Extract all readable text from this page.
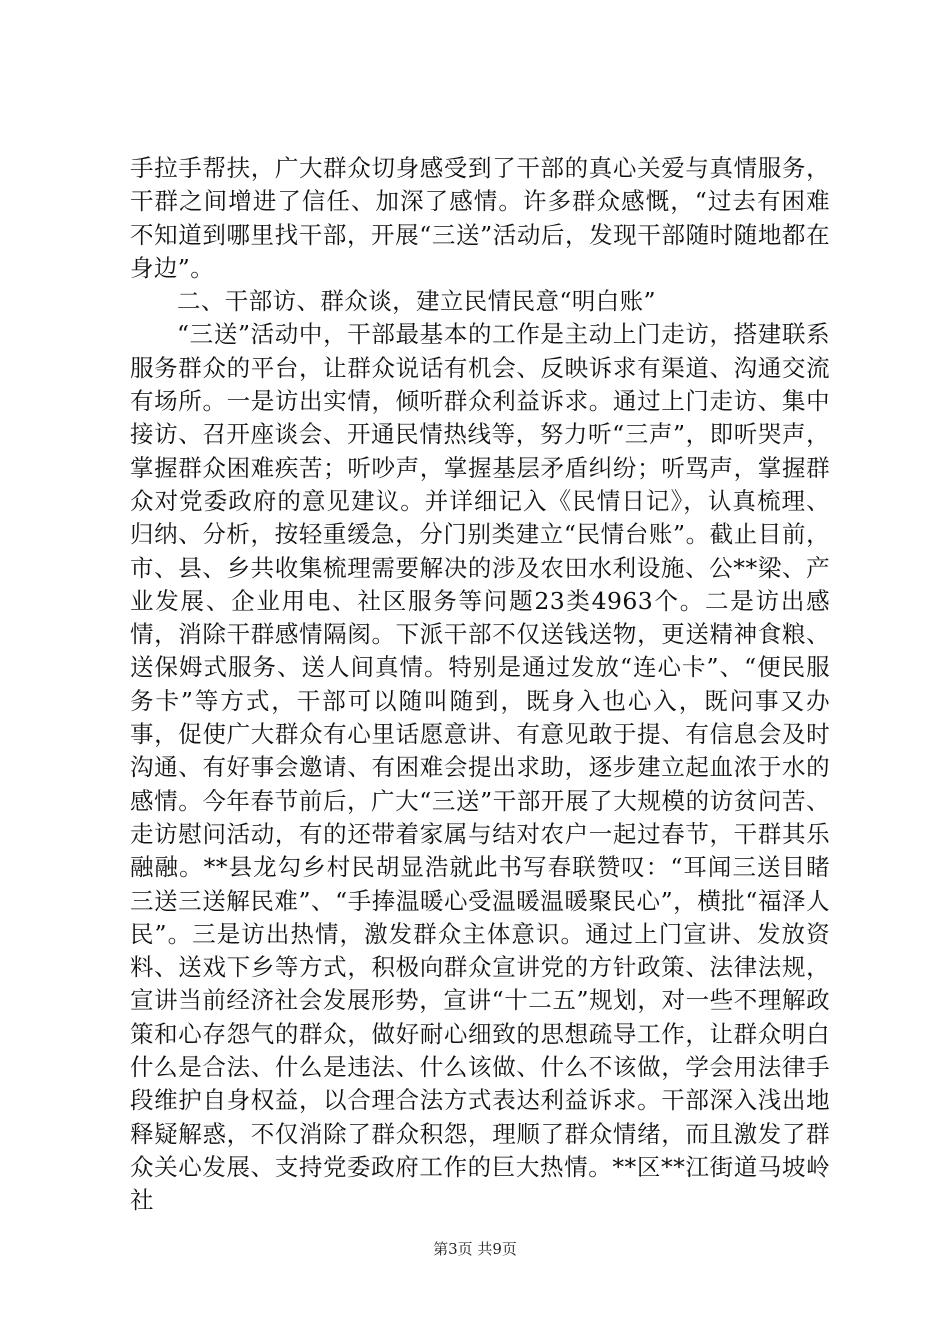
手拉手帮扶，广大群众切身感受到了干部的真心关爱与真情服务，干群之间增进了信任、加深了感情。许多群众感慨，“过去有困难不知道到哪里找干部，开展“三送”活动后，发现干部随时随地都在身边”。

二、干部访、群众谈，建立民情民意“明白账”

“三送”活动中，干部最基本的工作是主动上门走访，搭建联系服务群众的平台，让群众说话有机会、反映诉求有渠道、沟通交流有场所。一是访出实情，倾听群众利益诉求。通过上门走访、集中接访、召开座谈会、开通民情热线等，努力听“三声”，即听哭声，掌握群众困难疾苦；听吵声，掌握基层矛盾纠纷；听骂声，掌握群众对党委政府的意见建议。并详细记入《民情日记》，认真梳理、归纳、分析，按轻重缓急，分门别类建立“民情台账”。截止目前，市、县、乡共收集梳理需要解决的涉及农田水利设施、公**梁、产业发展、企业用电、社区服务等问题23类4963个。二是访出感情，消除干群感情隔阂。下派干部不仅送钱送物，更送精神食粮、送保姆式服务、送人间真情。特别是通过发放“连心卡”、“便民服务卡”等方式，干部可以随叫随到，既身入也心入，既问事又办事，促使广大群众有心里话愿意讲、有意见敢于提、有信息会及时沟通、有好事会邀请、有困难会提出求助，逐步建立起血浓于水的感情。今年春节前后，广大“三送”干部开展了大规模的访贫问苦、走访慰问活动，有的还带着家属与结对农户一起过春节，干群其乐融融。**县龙勾乡村民胡显浩就此书写春联赞叹：“耳闻三送目睹三送三送解民难”、“手捧温暖心受温暖温暖聚民心”，横批“福泽人民”。三是访出热情，激发群众主体意识。通过上门宣讲、发放资料、送戏下乡等方式，积极向群众宣讲党的方针政策、法律法规，宣讲当前经济社会发展形势，宣讲“十二五”规划，对一些不理解政策和心存怨气的群众，做好耐心细致的思想疏导工作，让群众明白什么是合法、什么是违法、什么该做、什么不该做，学会用法律手段维护自身权益，以合理合法方式表达利益诉求。干部深入浅出地释疑解惑，不仅消除了群众积怨，理顺了群众情绪，而且激发了群众关心发展、支持党委政府工作的巨大热情。**区**江街道马坡岭社

第3页 共9页
